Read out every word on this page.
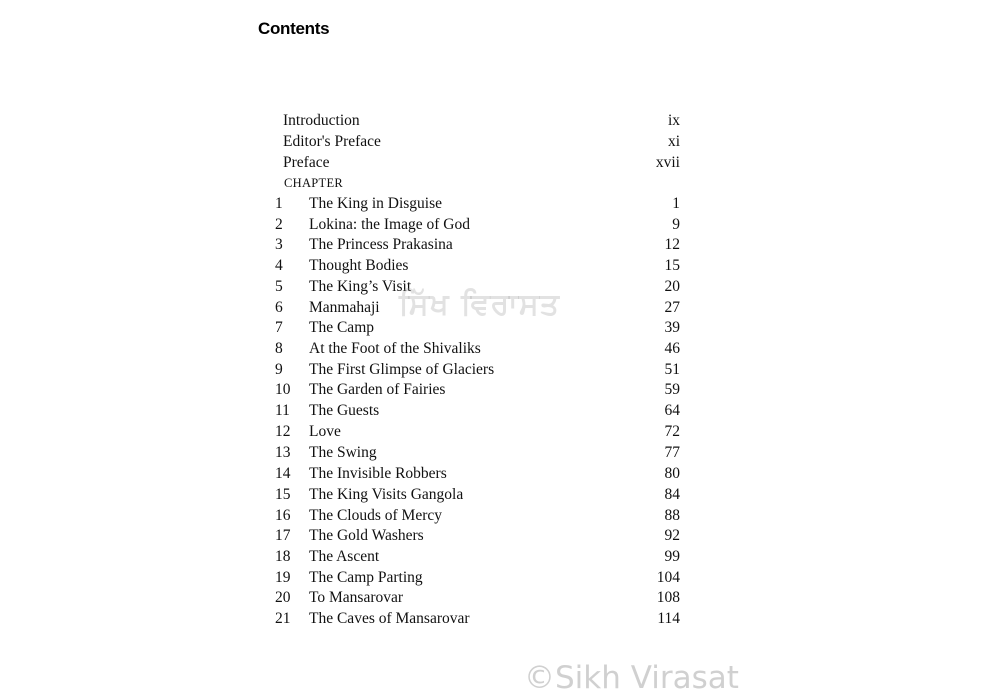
Contents
Introduction	ix
Editor's Preface	xi
Preface	xvii
CHAPTER
1 The King in Disguise	1
2 Lokina: the Image of God	9
3 The Princess Prakasina	12
4 Thought Bodies	15
5 The King’s Visit	20
6 Manmahaji	27
7 The Camp	39
8 At the Foot of the Shivaliks	46
9 The First Glimpse of Glaciers	51
10 The Garden of Fairies	59
11 The Guests	64
12 Love	72
13 The Swing	77
14 The Invisible Robbers	80
15 The King Visits Gangola	84
16 The Clouds of Mercy	88
17 The Gold Washers	92
18 The Ascent	99
19 The Camp Parting	104
20 To Mansarovar	108
21 The Caves of Mansarovar	114
ਸਿੱਖ ਵਿਰਾਸਤ
©Sikh Virasat
